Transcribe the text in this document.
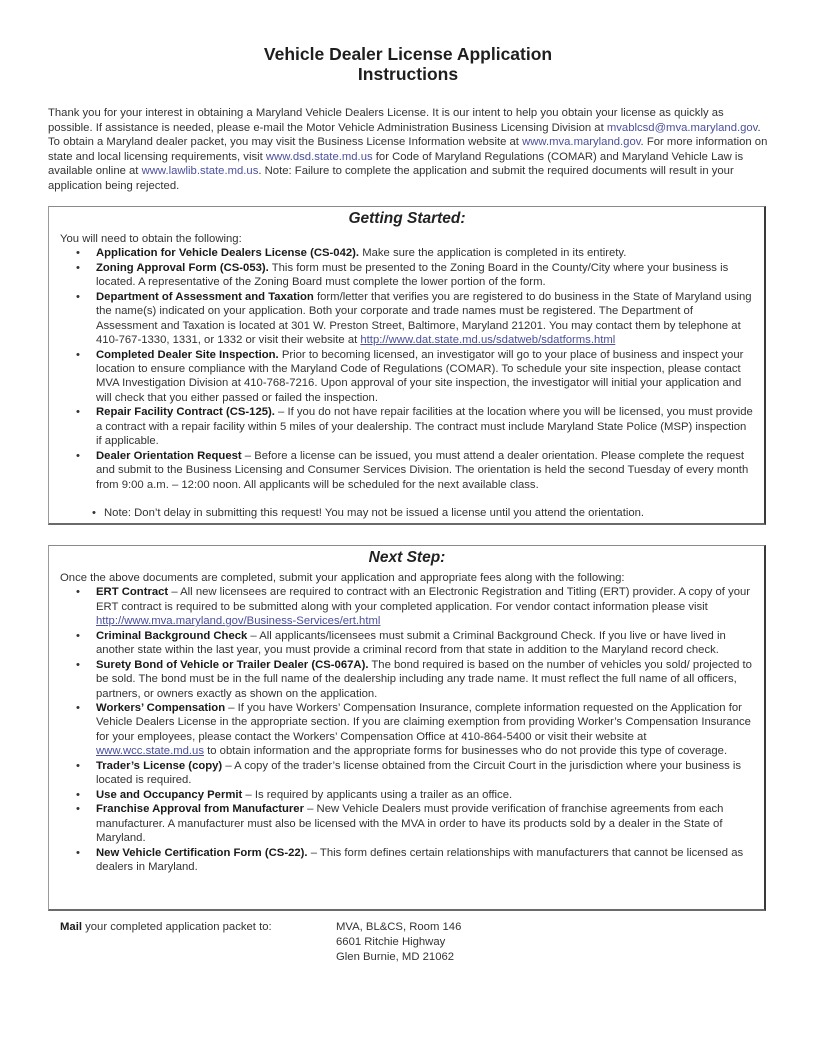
Vehicle Dealer License Application
Instructions
Thank you for your interest in obtaining a Maryland Vehicle Dealers License. It is our intent to help you obtain your license as quickly as possible. If assistance is needed, please e-mail the Motor Vehicle Administration Business Licensing Division at mvablcsd@mva.maryland.gov. To obtain a Maryland dealer packet, you may visit the Business License Information website at www.mva.maryland.gov. For more information on state and local licensing requirements, visit www.dsd.state.md.us for Code of Maryland Regulations (COMAR) and Maryland Vehicle Law is available online at www.lawlib.state.md.us. Note: Failure to complete the application and submit the required documents will result in your application being rejected.
Getting Started:
You will need to obtain the following:
• Application for Vehicle Dealers License (CS-042). Make sure the application is completed in its entirety.
• Zoning Approval Form (CS-053). This form must be presented to the Zoning Board in the County/City where your business is located. A representative of the Zoning Board must complete the lower portion of the form.
• Department of Assessment and Taxation form/letter that verifies you are registered to do business in the State of Maryland using the name(s) indicated on your application. Both your corporate and trade names must be registered. The Department of Assessment and Taxation is located at 301 W. Preston Street, Baltimore, Maryland 21201. You may contact them by telephone at 410-767-1330, 1331, or 1332 or visit their website at http://www.dat.state.md.us/sdatweb/sdatforms.html
• Completed Dealer Site Inspection. Prior to becoming licensed, an investigator will go to your place of business and inspect your location to ensure compliance with the Maryland Code of Regulations (COMAR). To schedule your site inspection, please contact MVA Investigation Division at 410-768-7216. Upon approval of your site inspection, the investigator will initial your application and will check that you either passed or failed the inspection.
• Repair Facility Contract (CS-125). – If you do not have repair facilities at the location where you will be licensed, you must provide a contract with a repair facility within 5 miles of your dealership. The contract must include Maryland State Police (MSP) inspection if applicable.
• Dealer Orientation Request – Before a license can be issued, you must attend a dealer orientation. Please complete the request and submit to the Business Licensing and Consumer Services Division. The orientation is held the second Tuesday of every month from 9:00 a.m. – 12:00 noon. All applicants will be scheduled for the next available class.
• Note: Don’t delay in submitting this request! You may not be issued a license until you attend the orientation.
Next Step:
Once the above documents are completed, submit your application and appropriate fees along with the following:
• ERT Contract – All new licensees are required to contract with an Electronic Registration and Titling (ERT) provider. A copy of your ERT contract is required to be submitted along with your completed application. For vendor contact information please visit http://www.mva.maryland.gov/Business-Services/ert.html
• Criminal Background Check – All applicants/licensees must submit a Criminal Background Check. If you live or have lived in another state within the last year, you must provide a criminal record from that state in addition to the Maryland record check.
• Surety Bond of Vehicle or Trailer Dealer (CS-067A). The bond required is based on the number of vehicles you sold/ projected to be sold. The bond must be in the full name of the dealership including any trade name. It must reflect the full name of all officers, partners, or owners exactly as shown on the application.
• Workers’ Compensation – If you have Workers’ Compensation Insurance, complete information requested on the Application for Vehicle Dealers License in the appropriate section. If you are claiming exemption from providing Worker’s Compensation Insurance for your employees, please contact the Workers’ Compensation Office at 410-864-5400 or visit their website at www.wcc.state.md.us to obtain information and the appropriate forms for businesses who do not provide this type of coverage.
• Trader’s License (copy) – A copy of the trader’s license obtained from the Circuit Court in the jurisdiction where your business is located is required.
• Use and Occupancy Permit – Is required by applicants using a trailer as an office.
• Franchise Approval from Manufacturer – New Vehicle Dealers must provide verification of franchise agreements from each manufacturer. A manufacturer must also be licensed with the MVA in order to have its products sold by a dealer in the State of Maryland.
• New Vehicle Certification Form (CS-22). – This form defines certain relationships with manufacturers that cannot be licensed as dealers in Maryland.
Mail your completed application packet to:	MVA, BL&CS, Room 146
6601 Ritchie Highway
Glen Burnie, MD 21062
